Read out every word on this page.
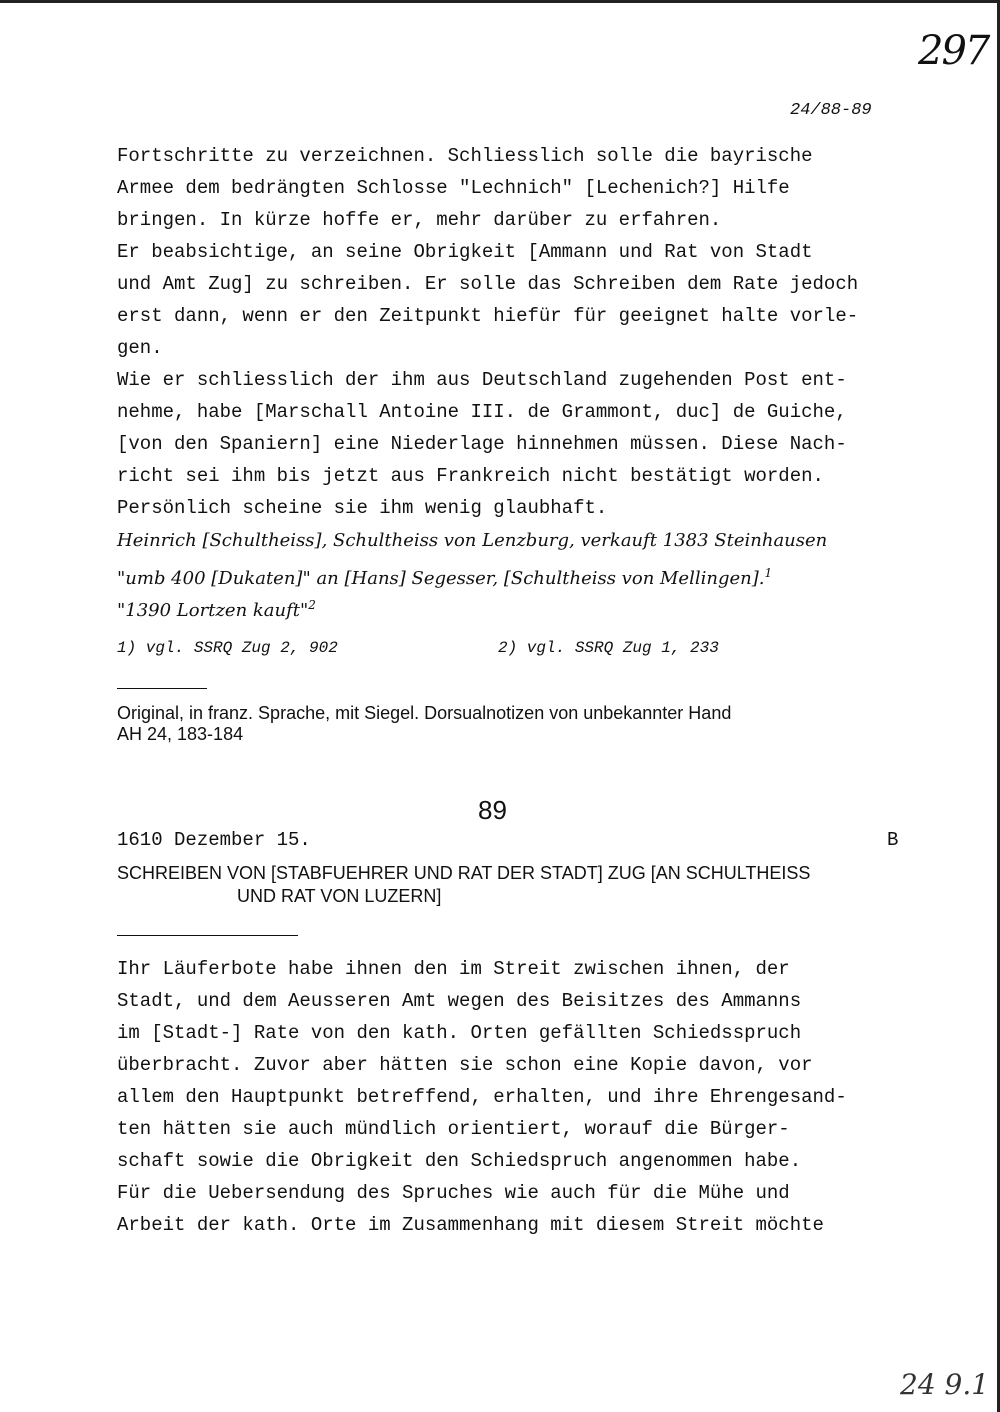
297
24/88-89
Fortschritte zu verzeichnen. Schliesslich solle die bayrische
Armee dem bedrängten Schlosse "Lechnich" [Lechenich?] Hilfe
bringen. In kürze hoffe er, mehr darüber zu erfahren.
Er beabsichtige, an seine Obrigkeit [Ammann und Rat von Stadt
und Amt Zug] zu schreiben. Er solle das Schreiben dem Rate jedoch
erst dann, wenn er den Zeitpunkt hiefür für geeignet halte vorle-
gen.
Wie er schliesslich der ihm aus Deutschland zugehenden Post ent-
nehme, habe [Marschall Antoine III. de Grammont, duc] de Guiche,
[von den Spaniern] eine Niederlage hinnehmen müssen. Diese Nach-
richt sei ihm bis jetzt aus Frankreich nicht bestätigt worden.
Persönlich scheine sie ihm wenig glaubhaft.
Heinrich [Schultheiss], Schultheiss von Lenzburg, verkauft 1383 Steinhausen
"umb 400 [Dukaten]" an [Hans] Segesser, [Schultheiss von Mellingen].$^1$
"1390 Lortzen kauft"$^2$
1) vgl. SSRQ Zug 2, 902	2) vgl. SSRQ Zug 1, 233
Original, in franz. Sprache, mit Siegel. Dorsualnotizen von unbekannter Hand
AH 24, 183-184
89
1610 Dezember 15.	B
SCHREIBEN VON [STABFUEHRER UND RAT DER STADT] ZUG [AN SCHULTHEISS
UND RAT VON LUZERN]
Ihr Läuferbote habe ihnen den im Streit zwischen ihnen, der
Stadt, und dem Aeusseren Amt wegen des Beisitzes des Ammanns
im [Stadt-] Rate von den kath. Orten gefällten Schiedsspruch
überbracht. Zuvor aber hätten sie schon eine Kopie davon, vor
allem den Hauptpunkt betreffend, erhalten, und ihre Ehrengesand-
ten hätten sie auch mündlich orientiert, worauf die Bürger-
schaft sowie die Obrigkeit den Schiedspruch angenommen habe.
Für die Uebersendung des Spruches wie auch für die Mühe und
Arbeit der kath. Orte im Zusammenhang mit diesem Streit möchte
24 9.1
